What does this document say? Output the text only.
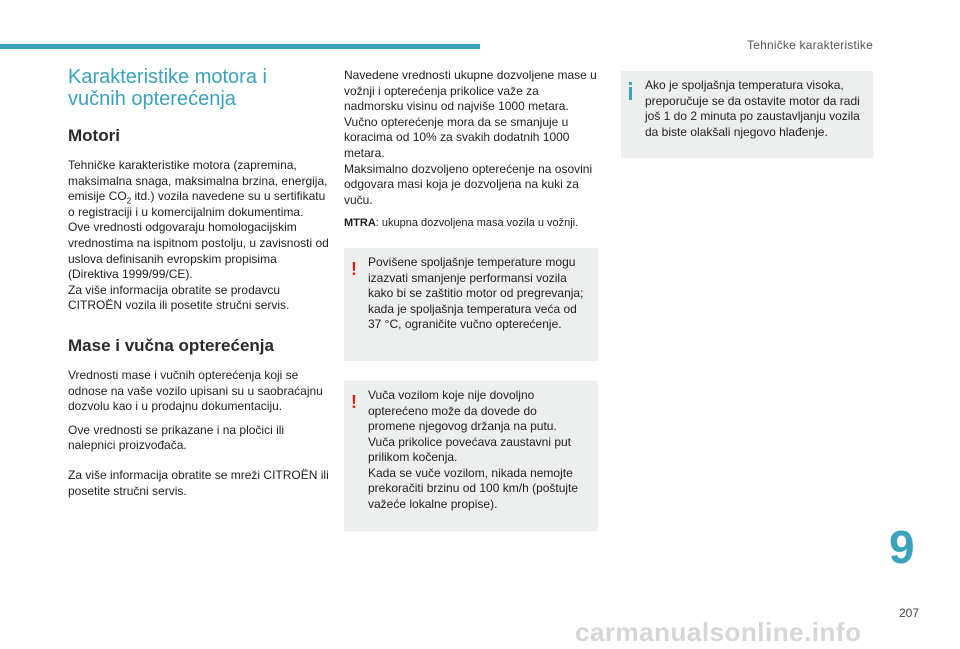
Tehničke karakteristike
Karakteristike motora i vučnih opterećenja
Motori

Tehničke karakteristike motora (zapremina, maksimalna snaga, maksimalna brzina, energija, emisije $CO_2$ itd.) vozila navedene su u sertifikatu o registraciji i u komercijalnim dokumentima.
Ove vrednosti odgovaraju homologacijskim vrednostima na ispitnom postolju, u zavisnosti od uslova definisanih evropskim propisima (Direktiva 1999/99/CE).
Za više informacija obratite se prodavcu CITROËN vozila ili posetite stručni servis.

Mase i vučna opterećenja

Vrednosti mase i vučnih opterećenja koji se odnose na vaše vozilo upisani su u saobraćajnu dozvolu kao i u prodajnu dokumentaciju.

Ove vrednosti se prikazane i na pločici ili nalepnici proizvođača.

Za više informacija obratite se mreži CITROËN ili posetite stručni servis.

Navedene vrednosti ukupne dozvoljene mase u vožnji i opterećenja prikolice važe za nadmorsku visinu od najviše 1000 metara.
Vučno opterećenje mora da se smanjuje u koracima od 10% za svakih dodatnih 1000 metara.
Maksimalno dozvoljeno opterećenje na osovini odgovara masi koja je dozvoljena na kuki za vuču.

MTRA: ukupna dozvoljena masa vozila u vožnji.

! Povišene spoljašnje temperature mogu izazvati smanjenje performansi vozila kako bi se zaštitio motor od pregrevanja; kada je spoljašnja temperatura veća od 37 °C, ograničite vučno opterećenje.

! Vuča vozilom koje nije dovoljno opterećeno može da dovede do promene njegovog držanja na putu.
Vuča prikolice povećava zaustavni put prilikom kočenja.
Kada se vuče vozilom, nikada nemojte prekoračiti brzinu od 100 km/h (poštujte važeće lokalne propise).

Ako je spoljašnja temperatura visoka, preporučuje se da ostavite motor da radi još 1 do 2 minuta po zaustavljanju vozila da biste olakšali njegovo hlađenje.

9
207
carmanualsonline.info
